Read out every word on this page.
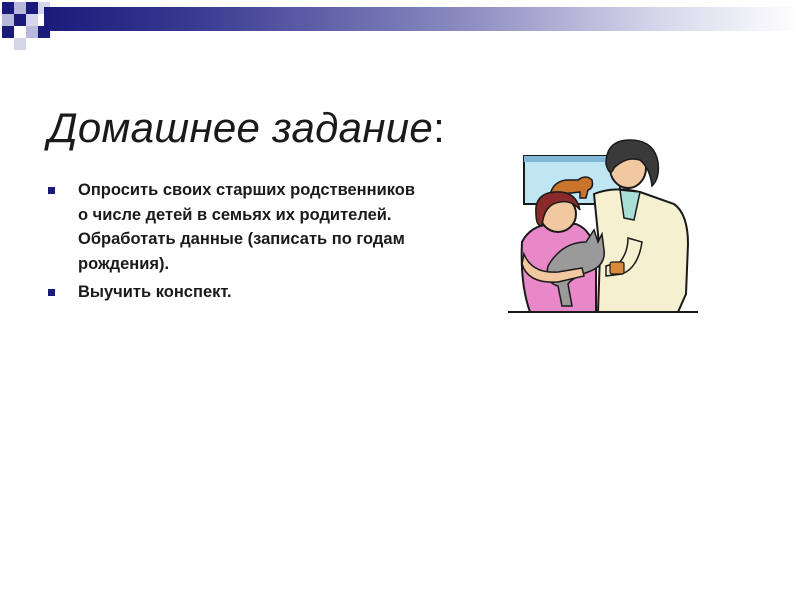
Домашнее задание:
Опросить своих старших родственников о числе детей в семьях их родителей. Обработать данные (записать по годам рождения).
Выучить конспект.
